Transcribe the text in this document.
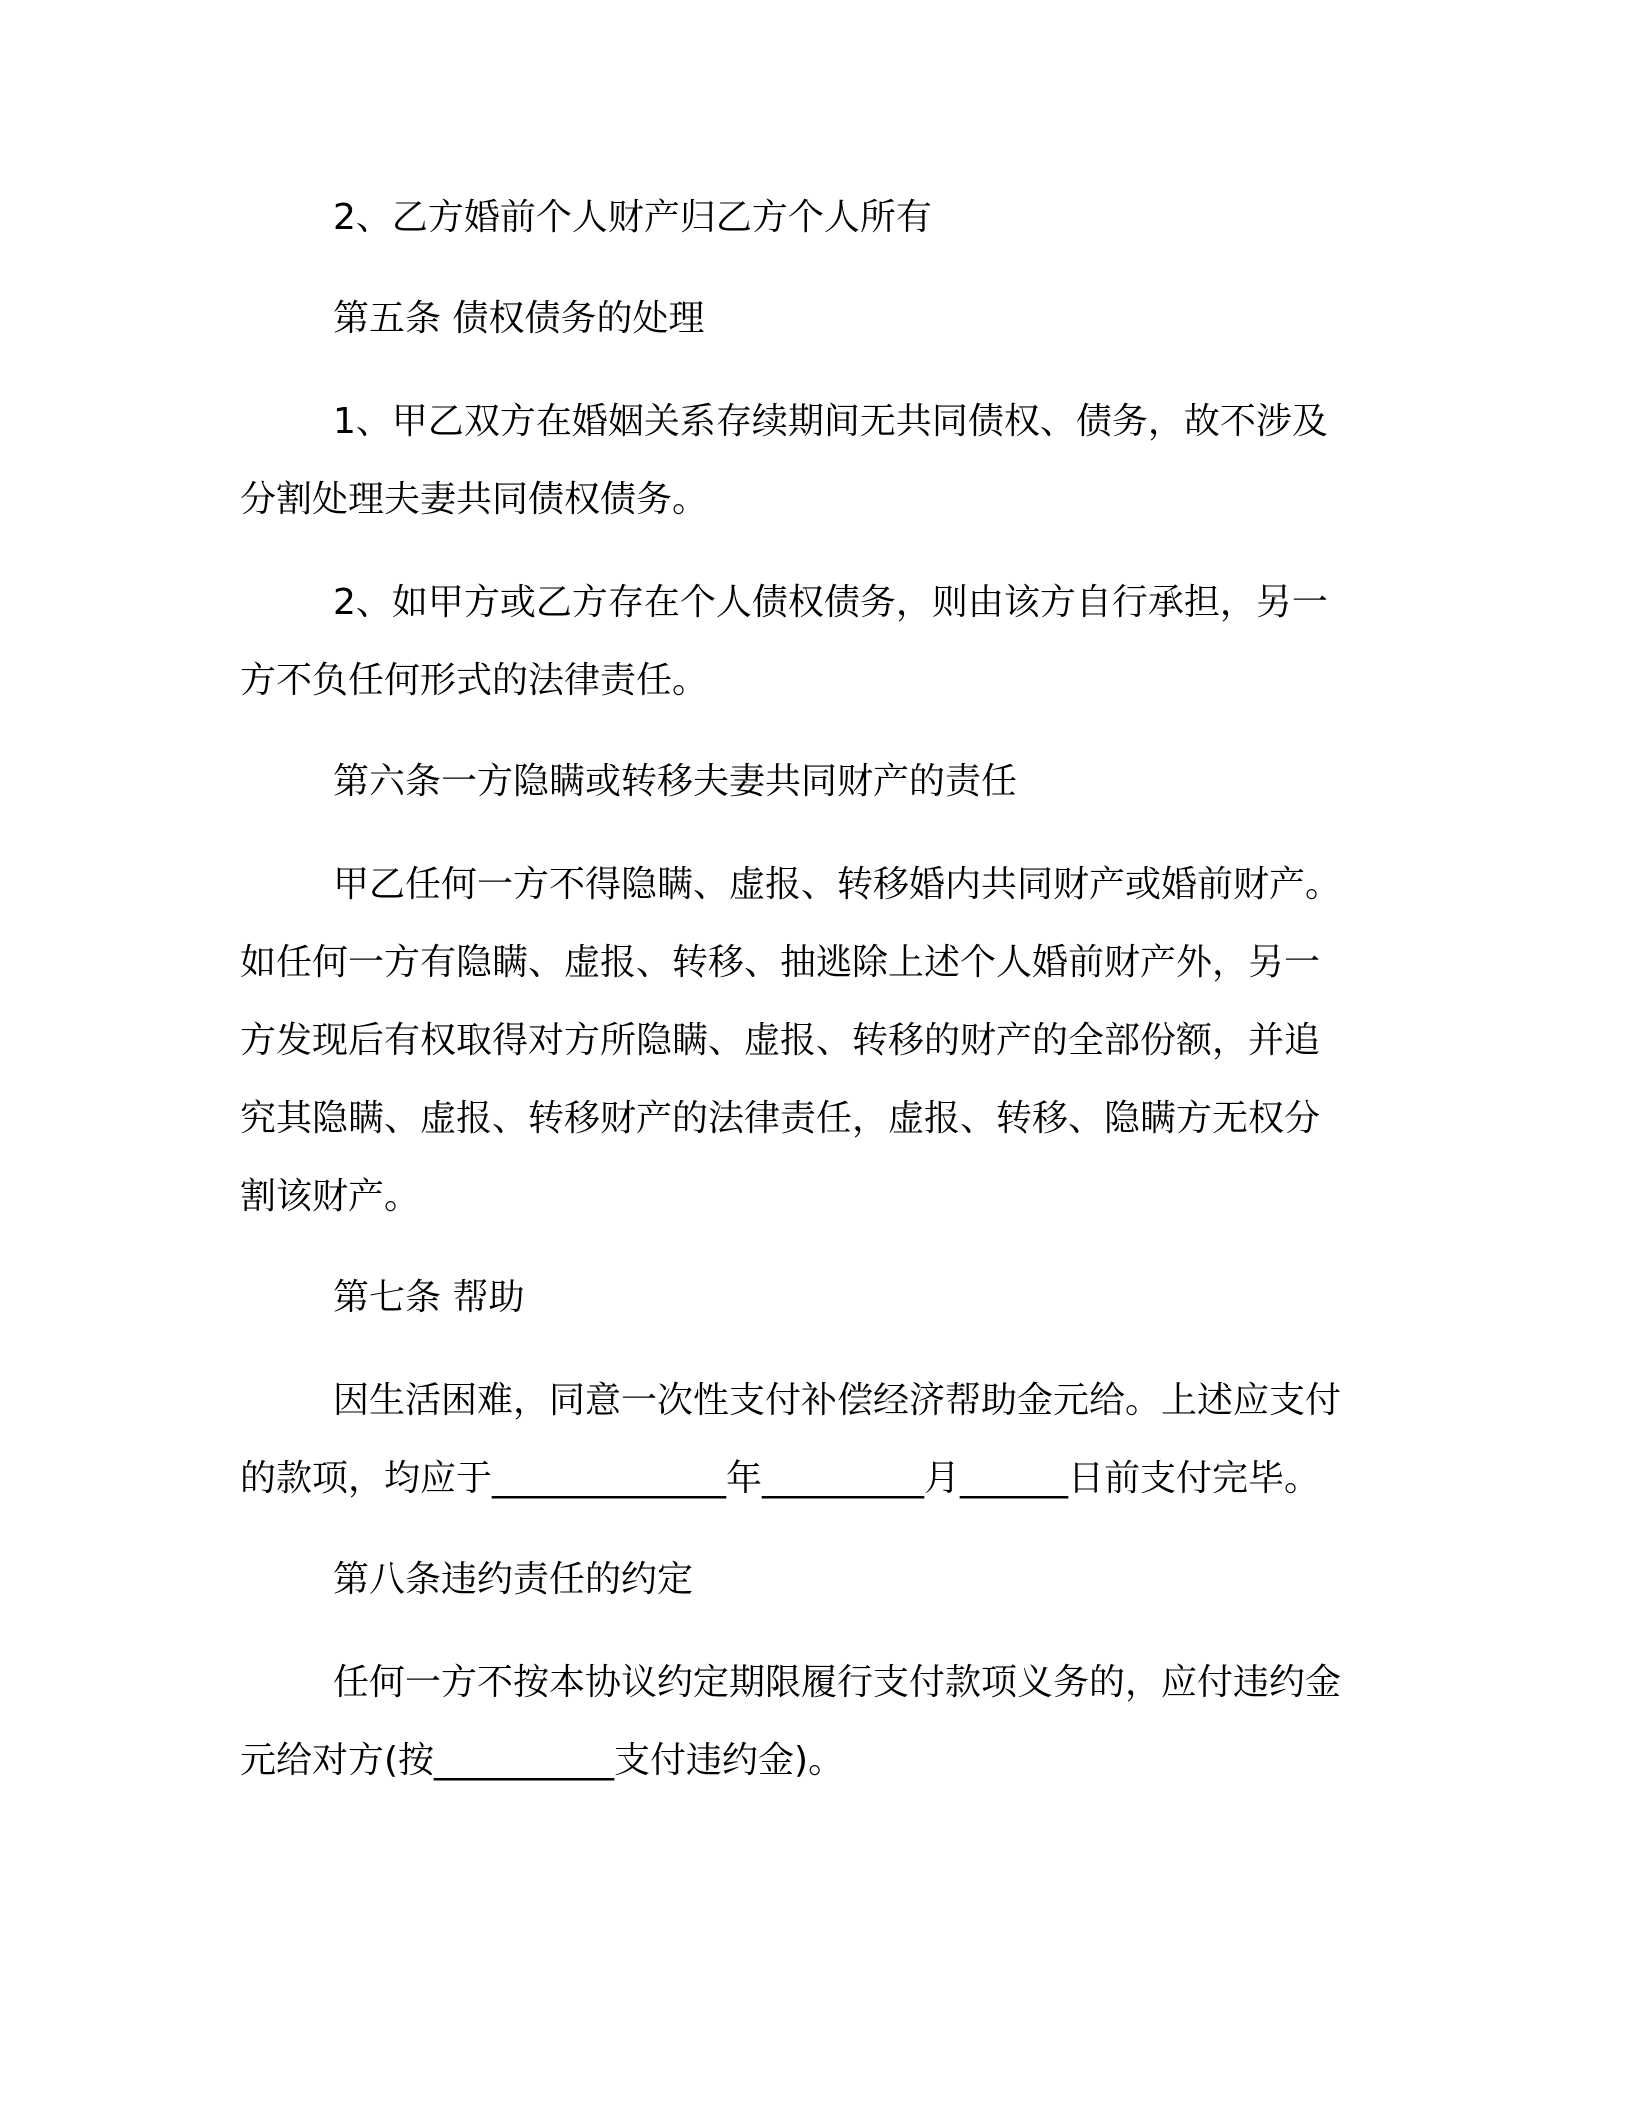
2、乙方婚前个人财产归乙方个人所有
第五条 债权债务的处理
1、甲乙双方在婚姻关系存续期间无共同债权、债务，故不涉及
分割处理夫妻共同债权债务。
2、如甲方或乙方存在个人债权债务，则由该方自行承担，另一
方不负任何形式的法律责任。
第六条一方隐瞒或转移夫妻共同财产的责任
甲乙任何一方不得隐瞒、虚报、转移婚内共同财产或婚前财产。
如任何一方有隐瞒、虚报、转移、抽逃除上述个人婚前财产外，另一
方发现后有权取得对方所隐瞒、虚报、转移的财产的全部份额，并追
究其隐瞒、虚报、转移财产的法律责任，虚报、转移、隐瞒方无权分
割该财产。
第七条 帮助
因生活困难，同意一次性支付补偿经济帮助金元给。上述应支付
的款项，均应于_____________年_________月______日前支付完毕。
第八条违约责任的约定
任何一方不按本协议约定期限履行支付款项义务的，应付违约金
元给对方(按__________支付违约金)。
